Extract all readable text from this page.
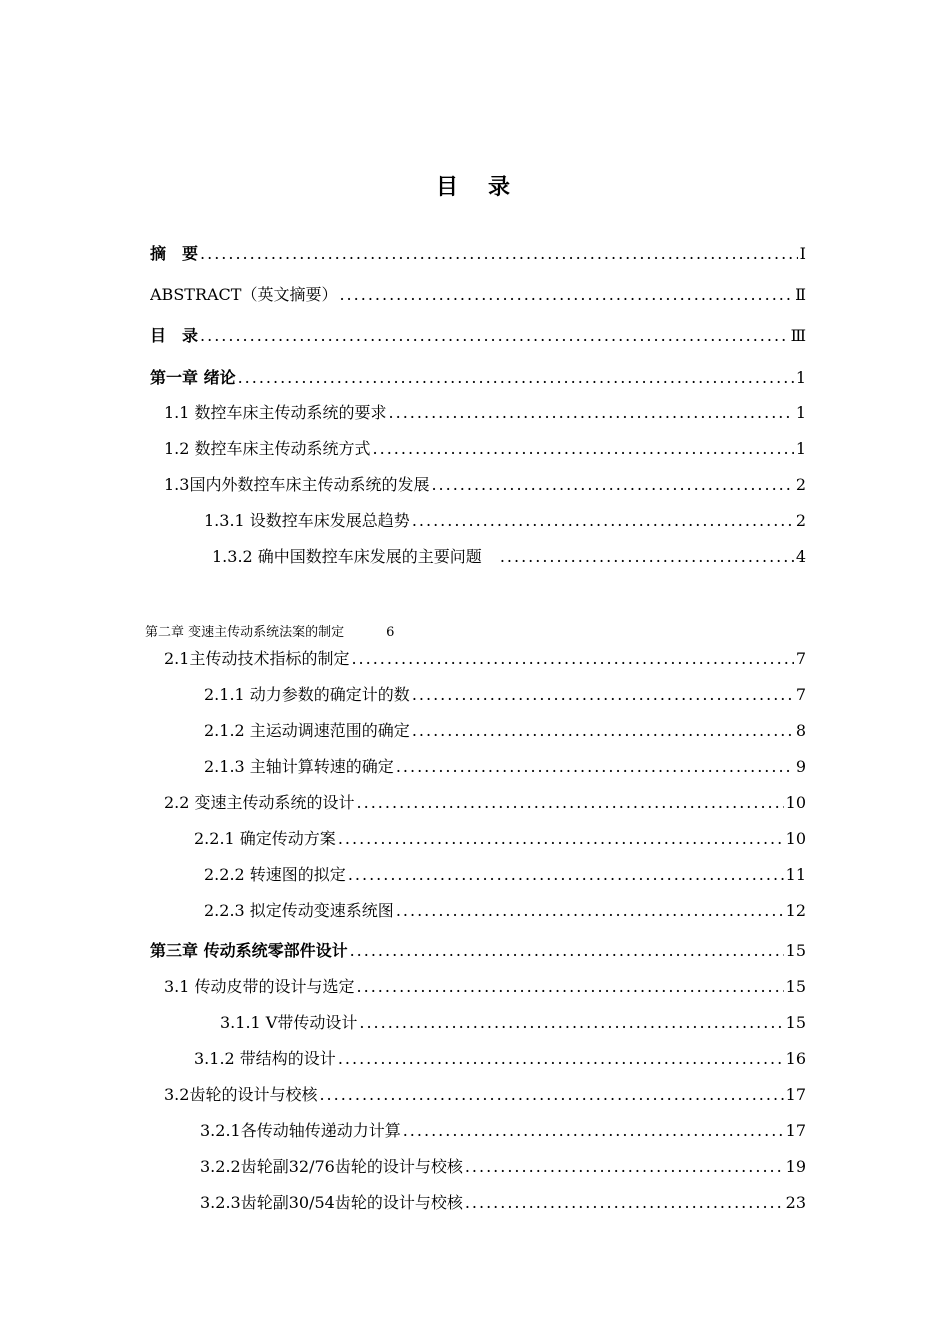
目　录
摘　要 .....	Ⅰ
ABSTRACT（英文摘要） .....	Ⅱ
目　录 .....	Ⅲ
第一章 绪论 .....	1
1.1 数控车床主传动系统的要求 .....	1
1.2 数控车床主传动系统方式 .....	1
1.3国内外数控车床主传动系统的发展 .....	2
1.3.1 设数控车床发展总趋势 .....	2
1.3.2 确中国数控车床发展的主要问题 .....	4
第二章 变速主传动系统法案的制定	6
2.1主传动技术指标的制定 .....	7
2.1.1 动力参数的确定计的数 .....	7
2.1.2 主运动调速范围的确定 .....	8
2.1.3 主轴计算转速的确定 .....	9
2.2 变速主传动系统的设计 .....	10
2.2.1 确定传动方案 .....	10
2.2.2 转速图的拟定 .....	11
2.2.3 拟定传动变速系统图 .....	12
第三章 传动系统零部件设计 .....	15
3.1 传动皮带的设计与选定 .....	15
3.1.1 V带传动设计 .....	15
3.1.2 带结构的设计 .....	16
3.2齿轮的设计与校核 .....	17
3.2.1各传动轴传递动力计算 .....	17
3.2.2齿轮副32/76齿轮的设计与校核 .....	19
3.2.3齿轮副30/54齿轮的设计与校核 .....	23
